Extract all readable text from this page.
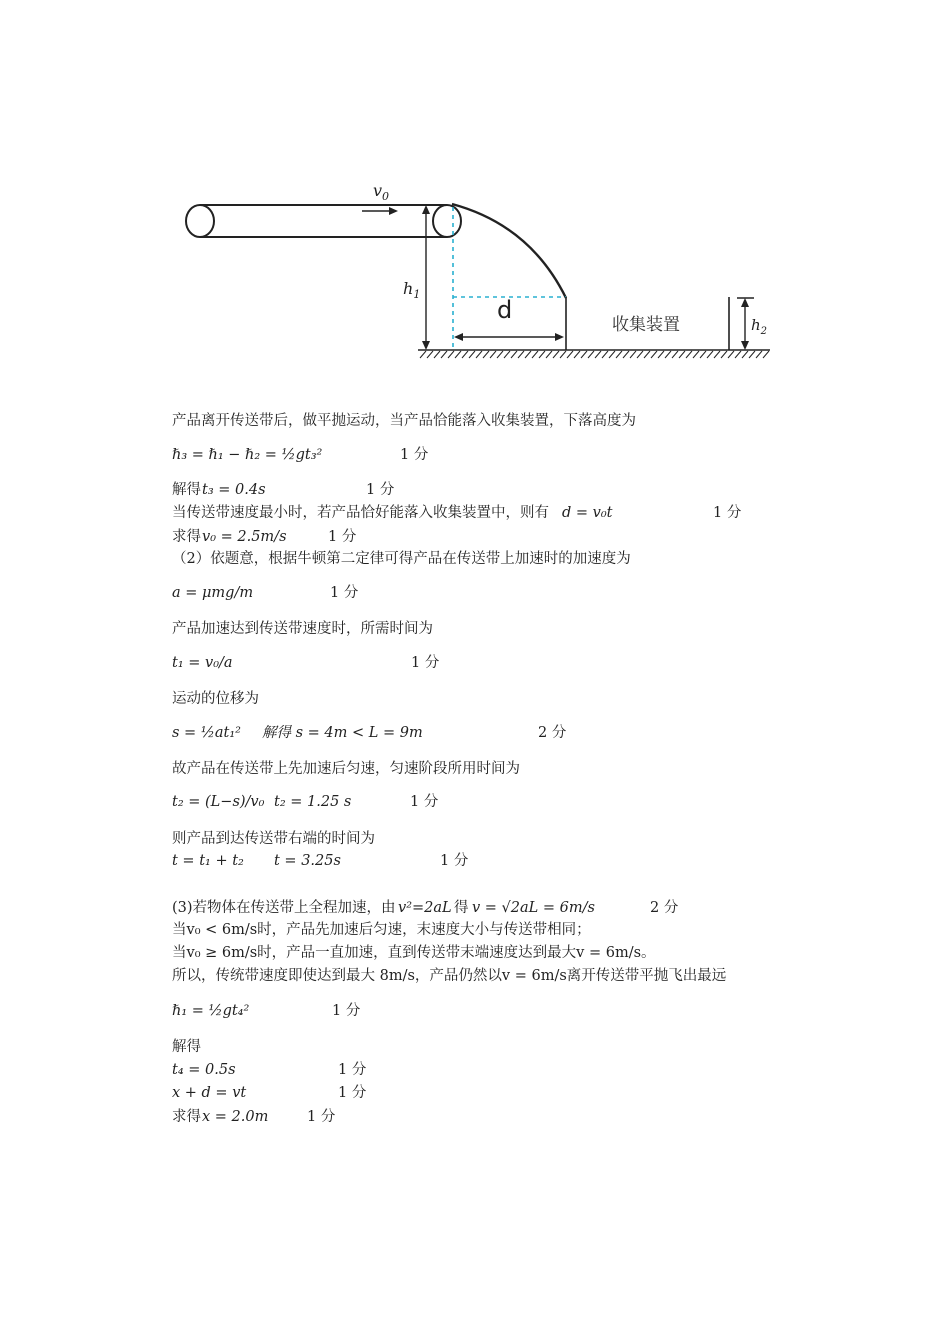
$v_0$
$h_1$
d
收集装置	$h_2$
产品离开传送带后，做平抛运动，当产品恰能落入收集装置，下落高度为
ℏ₃ = ℏ₁ − ℏ₂ = ½gt₃²	1 分
解得 t₃ = 0.4s	1 分
当传送带速度最小时，若产品恰好能落入收集装置中，则有 d = v₀t	1 分
求得 v₀ = 2.5m/s	1 分
（2）依题意，根据牛顿第二定律可得产品在传送带上加速时的加速度为
a = μmg/m	1 分
产品加速达到传送带速度时，所需时间为
t₁ = v₀/a	1 分
运动的位移为
s = ½at₁² 解得 s = 4m < L = 9m	2 分
故产品在传送带上先加速后匀速，匀速阶段所用时间为
t₂ = (L−s)/v₀ t₂ = 1.25 s	1 分
则产品到达传送带右端的时间为
t = t₁ + t₂ t = 3.25s	1 分
(3)若物体在传送带上全程加速，由 v²=2aL 得 v = √2aL = 6m/s	2 分
当v₀ < 6m/s时，产品先加速后匀速，末速度大小与传送带相同；
当v₀ ≥ 6m/s时，产品一直加速，直到传送带末端速度达到最大v = 6m/s。
所以，传统带速度即使达到最大 8m/s，产品仍然以v = 6m/s离开传送带平抛飞出最远
ℏ₁ = ½gt₄²	1 分
解得
t₄ = 0.5s	1 分
x + d = vt	1 分
求得 x = 2.0m	1 分
